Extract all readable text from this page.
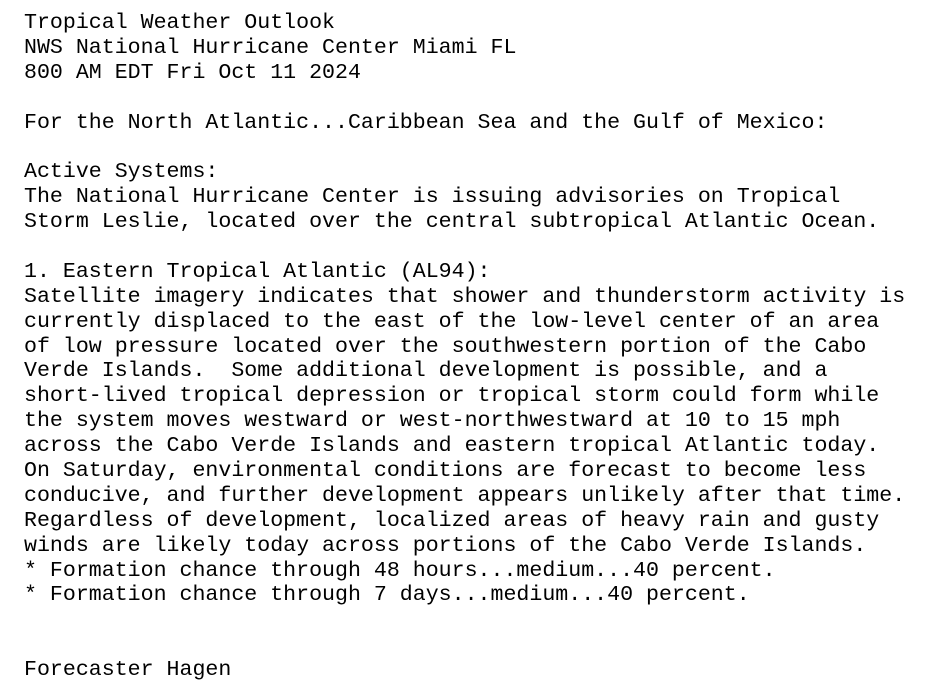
Tropical Weather Outlook
NWS National Hurricane Center Miami FL
800 AM EDT Fri Oct 11 2024
For the North Atlantic...Caribbean Sea and the Gulf of Mexico:
Active Systems:
The National Hurricane Center is issuing advisories on Tropical
Storm Leslie, located over the central subtropical Atlantic Ocean.
1. Eastern Tropical Atlantic (AL94):
Satellite imagery indicates that shower and thunderstorm activity is
currently displaced to the east of the low-level center of an area
of low pressure located over the southwestern portion of the Cabo
Verde Islands.  Some additional development is possible, and a
short-lived tropical depression or tropical storm could form while
the system moves westward or west-northwestward at 10 to 15 mph
across the Cabo Verde Islands and eastern tropical Atlantic today.
On Saturday, environmental conditions are forecast to become less
conducive, and further development appears unlikely after that time.
Regardless of development, localized areas of heavy rain and gusty
winds are likely today across portions of the Cabo Verde Islands.
* Formation chance through 48 hours...medium...40 percent.
* Formation chance through 7 days...medium...40 percent.
Forecaster Hagen
